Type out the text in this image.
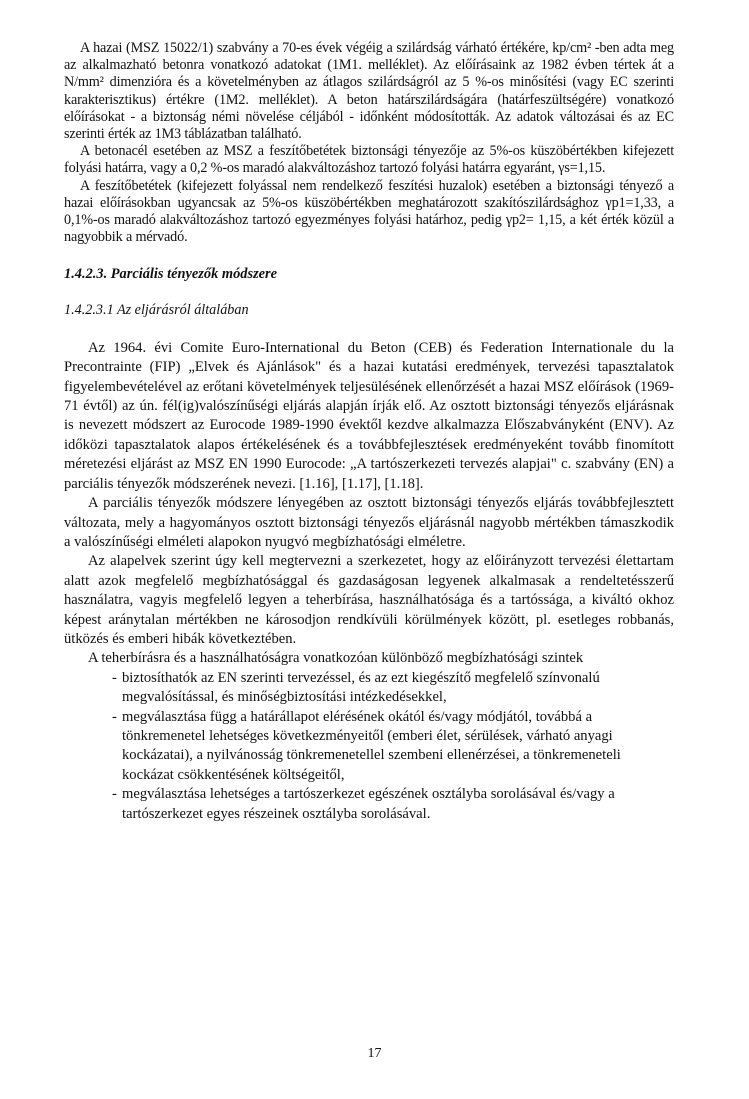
A hazai (MSZ 15022/1) szabvány a 70-es évek végéig a szilárdság várható értékére, kp/cm² -ben adta meg az alkalmazható betonra vonatkozó adatokat (1M1. melléklet). Az előírásaink az 1982 évben tértek át a N/mm² dimenzióra és a követelményben az átlagos szilárdságról az 5 %-os minősítési (vagy EC szerinti karakterisztikus) értékre (1M2. melléklet). A beton határszilárdságára (határfeszültségére) vonatkozó előírásokat - a biztonság némi növelése céljából - időnként módosították. Az adatok változásai és az EC szerinti érték az 1M3 táblázatban található.

A betonacél esetében az MSZ a feszítőbetétek biztonsági tényezője az 5%-os küszöbértékben kifejezett folyási határra, vagy a 0,2 %-os maradó alakváltozáshoz tartozó folyási határra egyaránt, γs=1,15.

A feszítőbetétek (kifejezett folyással nem rendelkező feszítési huzalok) esetében a biztonsági tényező a hazai előírásokban ugyancsak az 5%-os küszöbértékben meghatározott szakítószilárdsághoz γp1=1,33, a 0,1%-os maradó alakváltozáshoz tartozó egyezményes folyási határhoz, pedig γp2= 1,15, a két érték közül a nagyobbik a mérvadó.

1.4.2.3. Parciális tényezők módszere
1.4.2.3.1 Az eljárásról általában

Az 1964. évi Comite Euro-International du Beton (CEB) és Federation Internationale du la Precontrainte (FIP) „Elvek és Ajánlások" és a hazai kutatási eredmények, tervezési tapasztalatok figyelembevételével az erőtani követelmények teljesülésének ellenőrzését a hazai MSZ előírások (1969-71 évtől) az ún. fél(ig)valószínűségi eljárás alapján írják elő. Az osztott biztonsági tényezős eljárásnak is nevezett módszert az Eurocode 1989-1990 évektől kezdve alkalmazza Előszabványként (ENV). Az időközi tapasztalatok alapos értékelésének és a továbbfejlesztések eredményeként tovább finomított méretezési eljárást az MSZ EN 1990 Eurocode: „A tartószerkezeti tervezés alapjai" c. szabvány (EN) a parciális tényezők módszerének nevezi. [1.16], [1.17], [1.18].

A parciális tényezők módszere lényegében az osztott biztonsági tényezős eljárás továbbfejlesztett változata, mely a hagyományos osztott biztonsági tényezős eljárásnál nagyobb mértékben támaszkodik a valószínűségi elméleti alapokon nyugvó megbízhatósági elméletre.

Az alapelvek szerint úgy kell megtervezni a szerkezetet, hogy az előirányzott tervezési élettartam alatt azok megfelelő megbízhatósággal és gazdaságosan legyenek alkalmasak a rendeltetésszerű használatra, vagyis megfelelő legyen a teherbírása, használhatósága és a tartóssága, a kiváltó okhoz képest aránytalan mértékben ne károsodjon rendkívüli körülmények között, pl. esetleges robbanás, ütközés és emberi hibák következtében.

A teherbírásra és a használhatóságra vonatkozóan különböző megbízhatósági szintek

- biztosíthatók az EN szerinti tervezéssel, és az ezt kiegészítő megfelelő színvonalú megvalósítással, és minőségbiztosítási intézkedésekkel,
- megválasztása függ a határállapot elérésének okától és/vagy módjától, továbbá a tönkremenetel lehetséges következményeitől (emberi élet, sérülések, várható anyagi kockázatai), a nyilvánosság tönkremenetellel szembeni ellenérzései, a tönkremeneteli kockázat csökkentésének költségeitől,
- megválasztása lehetséges a tartószerkezet egészének osztályba sorolásával és/vagy a tartószerkezet egyes részeinek osztályba sorolásával.
17
